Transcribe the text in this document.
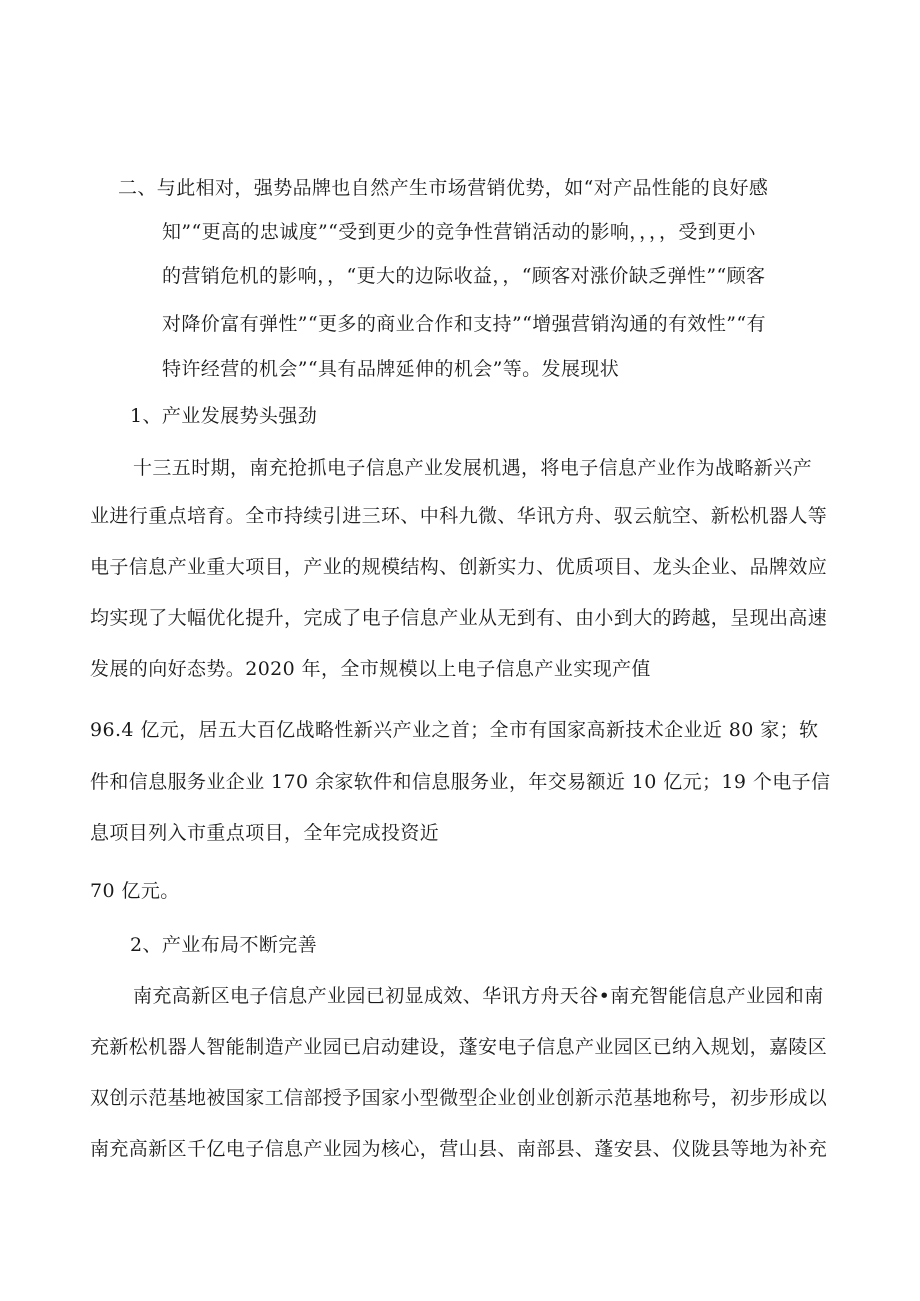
二、与此相对，强势品牌也自然产生市场营销优势，如“对产品性能的良好感

知”“更高的忠诚度”“受到更少的竞争性营销活动的影响，，，，受到更小

的营销危机的影响，，“更大的边际收益，，“顾客对涨价缺乏弹性”“顾客

对降价富有弹性”“更多的商业合作和支持”“增强营销沟通的有效性”“有

特许经营的机会”“具有品牌延伸的机会”等。发展现状

1、产业发展势头强劲

十三五时期，南充抢抓电子信息产业发展机遇，将电子信息产业作为战略新兴产

业进行重点培育。全市持续引进三环、中科九微、华讯方舟、驭云航空、新松机器人等

电子信息产业重大项目，产业的规模结构、创新实力、优质项目、龙头企业、品牌效应

均实现了大幅优化提升，完成了电子信息产业从无到有、由小到大的跨越，呈现出高速

发展的向好态势。2020 年，全市规模以上电子信息产业实现产值

96.4 亿元，居五大百亿战略性新兴产业之首；全市有国家高新技术企业近 80 家；软

件和信息服务业企业 170 余家软件和信息服务业，年交易额近 10 亿元；19 个电子信

息项目列入市重点项目，全年完成投资近

70 亿元。

2、产业布局不断完善

南充高新区电子信息产业园已初显成效、华讯方舟天谷•南充智能信息产业园和南

充新松机器人智能制造产业园已启动建设，蓬安电子信息产业园区已纳入规划，嘉陵区

双创示范基地被国家工信部授予国家小型微型企业创业创新示范基地称号，初步形成以

南充高新区千亿电子信息产业园为核心，营山县、南部县、蓬安县、仪陇县等地为补充
